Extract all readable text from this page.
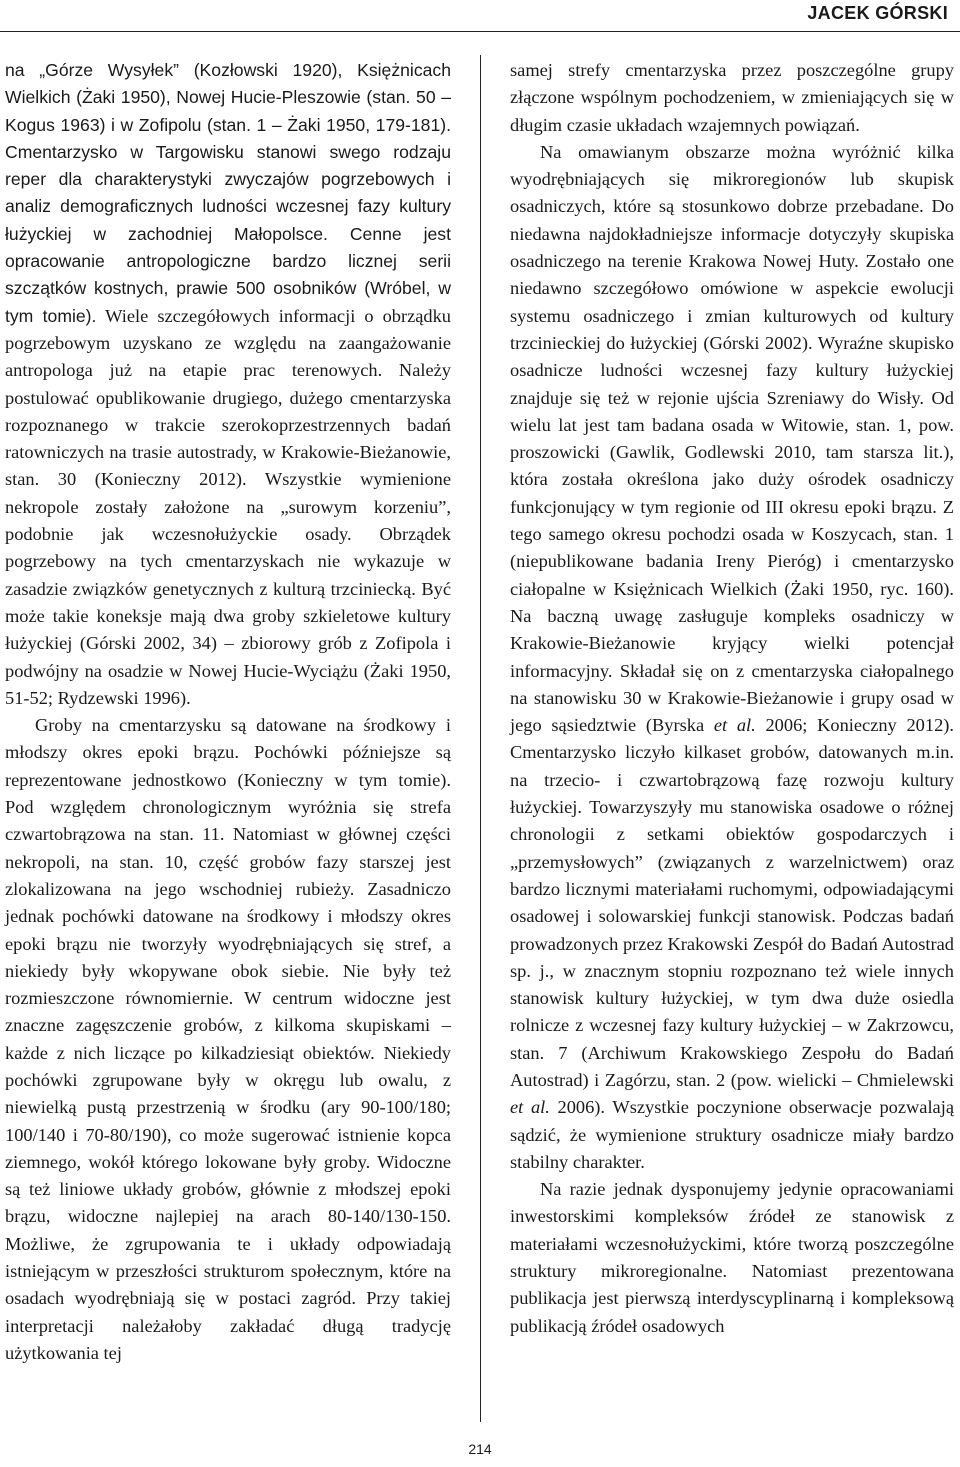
JACEK GÓRSKI

na „Górze Wysyłek” (Kozłowski 1920), Księżnicach Wielkich (Żaki 1950), Nowej Hucie-Pleszowie (stan. 50 – Kogus 1963) i w Zofipolu (stan. 1 – Żaki 1950, 179-181). Cmentarzysko w Targowisku stanowi swego rodzaju reper dla charakterystyki zwyczajów pogrzebowych i analiz demograficznych ludności wczesnej fazy kultury łużyckiej w zachodniej Małopolsce. Cenne jest opracowanie antropologiczne bardzo licznej serii szczątków kostnych, prawie 500 osobników (Wróbel, w tym tomie). Wiele szczegółowych informacji o obrządku pogrzebowym uzyskano ze względu na zaangażowanie antropologa już na etapie prac terenowych. Należy postulować opublikowanie drugiego, dużego cmentarzyska rozpoznanego w trakcie szerokoprzestrzennych badań ratowniczych na trasie autostrady, w Krakowie-Bieżanowie, stan. 30 (Konieczny 2012). Wszystkie wymienione nekropole zostały założone na „surowym korzeniu”, podobnie jak wczesnołużyckie osady. Obrządek pogrzebowy na tych cmentarzyskach nie wykazuje w zasadzie związków genetycznych z kulturą trzciniecką. Być może takie koneksje mają dwa groby szkieletowe kultury łużyckiej (Górski 2002, 34) – zbiorowy grób z Zofipola i podwójny na osadzie w Nowej Hucie-Wyciążu (Żaki 1950, 51-52; Rydzewski 1996).

Groby na cmentarzysku są datowane na środkowy i młodszy okres epoki brązu. Pochówki późniejsze są reprezentowane jednostkowo (Konieczny w tym tomie). Pod względem chronologicznym wyróżnia się strefa czwartobrązowa na stan. 11. Natomiast w głównej części nekropoli, na stan. 10, część grobów fazy starszej jest zlokalizowana na jego wschodniej rubieży. Zasadniczo jednak pochówki datowane na środkowy i młodszy okres epoki brązu nie tworzyły wyodrębniających się stref, a niekiedy były wkopywane obok siebie. Nie były też rozmieszczone równomiernie. W centrum widoczne jest znaczne zagęszczenie grobów, z kilkoma skupiskami – każde z nich liczące po kilkadziesiąt obiektów. Niekiedy pochówki zgrupowane były w okręgu lub owalu, z niewielką pustą przestrzenią w środku (ary 90-100/180; 100/140 i 70-80/190), co może sugerować istnienie kopca ziemnego, wokół którego lokowane były groby. Widoczne są też liniowe układy grobów, głównie z młodszej epoki brązu, widoczne najlepiej na arach 80-140/130-150. Możliwe, że zgrupowania te i układy odpowiadają istniejącym w przeszłości strukturom społecznym, które na osadach wyodrębniają się w postaci zagród. Przy takiej interpretacji należałoby zakładać długą tradycję użytkowania tej

samej strefy cmentarzyska przez poszczególne grupy złączone wspólnym pochodzeniem, w zmieniających się w długim czasie układach wzajemnych powiązań.

Na omawianym obszarze można wyróżnić kilka wyodrębniających się mikroregionów lub skupisk osadniczych, które są stosunkowo dobrze przebadane. Do niedawna najdokładniejsze informacje dotyczyły skupiska osadniczego na terenie Krakowa Nowej Huty. Zostało one niedawno szczegółowo omówione w aspekcie ewolucji systemu osadniczego i zmian kulturowych od kultury trzcinieckiej do łużyckiej (Górski 2002). Wyraźne skupisko osadnicze ludności wczesnej fazy kultury łużyckiej znajduje się też w rejonie ujścia Szreniawy do Wisły. Od wielu lat jest tam badana osada w Witowie, stan. 1, pow. proszowicki (Gawlik, Godlewski 2010, tam starsza lit.), która została określona jako duży ośrodek osadniczy funkcjonujący w tym regionie od III okresu epoki brązu. Z tego samego okresu pochodzi osada w Koszycach, stan. 1 (niepublikowane badania Ireny Pieróg) i cmentarzysko ciałopalne w Księżnicach Wielkich (Żaki 1950, ryc. 160). Na baczną uwagę zasługuje kompleks osadniczy w Krakowie-Bieżanowie kryjący wielki potencjał informacyjny. Składał się on z cmentarzyska ciałopalnego na stanowisku 30 w Krakowie-Bieżanowie i grupy osad w jego sąsiedztwie (Byrska et al. 2006; Konieczny 2012). Cmentarzysko liczyło kilkaset grobów, datowanych m.in. na trzecio- i czwartobrązową fazę rozwoju kultury łużyckiej. Towarzyszyły mu stanowiska osadowe o różnej chronologii z setkami obiektów gospodarczych i „przemysłowych” (związanych z warzelnictwem) oraz bardzo licznymi materiałami ruchomymi, odpowiadającymi osadowej i solowarskiej funkcji stanowisk. Podczas badań prowadzonych przez Krakowski Zespół do Badań Autostrad sp. j., w znacznym stopniu rozpoznano też wiele innych stanowisk kultury łużyckiej, w tym dwa duże osiedla rolnicze z wczesnej fazy kultury łużyckiej – w Zakrzowcu, stan. 7 (Archiwum Krakowskiego Zespołu do Badań Autostrad) i Zagórzu, stan. 2 (pow. wielicki – Chmielewski et al. 2006). Wszystkie poczynione obserwacje pozwalają sądzić, że wymienione struktury osadnicze miały bardzo stabilny charakter.

Na razie jednak dysponujemy jedynie opracowaniami inwestorskimi kompleksów źródeł ze stanowisk z materiałami wczesnołużyckimi, które tworzą poszczególne struktury mikroregionalne. Natomiast prezentowana publikacja jest pierwszą interdyscyplinarną i kompleksową publikacją źródeł osadowych

214
